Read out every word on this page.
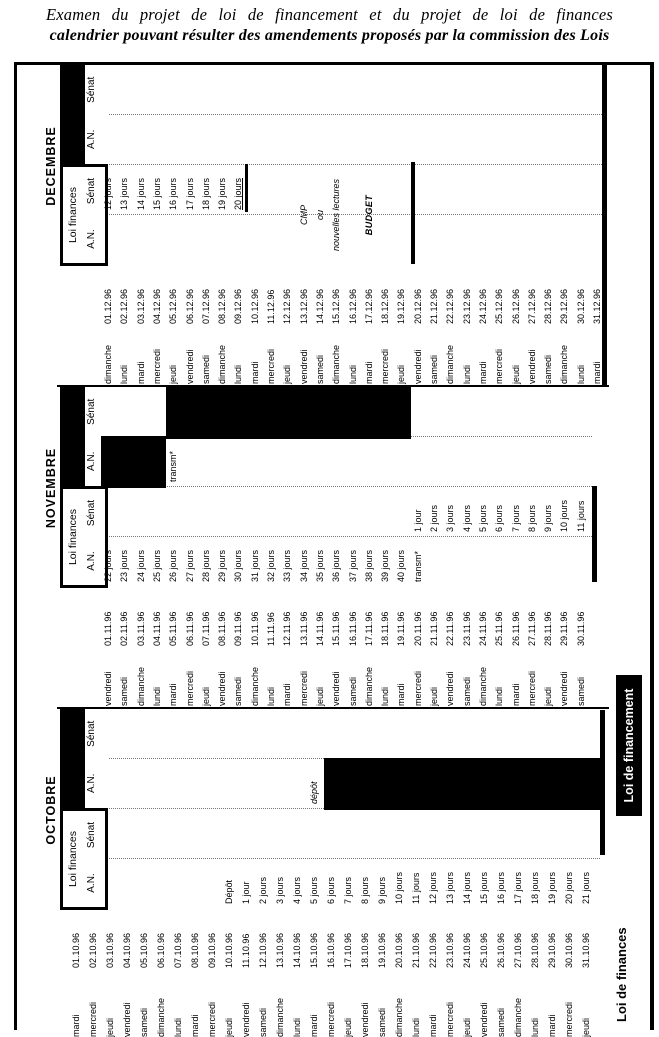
Examen du projet de loi de financement et du projet de loi de finances
calendrier pouvant résulter des amendements proposés par la commission des Lois
OCTOBRE
Loi finances A.N.
Sénat
A.N.
Sénat
mardi
01.10.96
mercredi
02.10.96
jeudi
03.10.96
vendredi
04.10.96
samedi
05.10.96
dimanche
06.10.96
lundi
07.10.96
mardi
08.10.96
mercredi
09.10.96
jeudi
10.10.96
Dépôt
vendredi
11.10.96
1 jour
samedi
12.10.96
2 jours
dimanche
13.10.96
3 jours
lundi
14.10.96
4 jours
mardi
15.10.96
5 jours
dépôt
mercredi
16.10.96
6 jours
jeudi
17.10.96
7 jours
vendredi
18.10.96
8 jours
samedi
19.10.96
9 jours
dimanche
20.10.96
10 jours
lundi
21.10.96
11 jours
mardi
22.10.96
12 jours
mercredi
23.10.96
13 jours
jeudi
24.10.96
14 jours
vendredi
25.10.96
15 jours
samedi
26.10.96
16 jours
dimanche
27.10.96
17 jours
lundi
28.10.96
18 jours
mardi
29.10.96
19 jours
mercredi
30.10.96
20 jours
jeudi
31.10.96
21 jours
NOVEMBRE
Loi finances A.N.
Sénat
A.N.
Sénat
vendredi
01.11.96
22 jours
samedi
02.11.96
23 jours
dimanche
03.11.96
24 jours
lundi
04.11.96
25 jours
mardi
05.11.96
26 jours
transm*
mercredi
06.11.96
27 jours
jeudi
07.11.96
28 jours
vendredi
08.11.96
29 jours
samedi
09.11.96
30 jours
dimanche
10.11.96
31 jours
lundi
11.11.96
32 jours
mardi
12.11.96
33 jours
mercredi
13.11.96
34 jours
jeudi
14.11.96
35 jours
vendredi
15.11.96
36 jours
samedi
16.11.96
37 jours
dimanche
17.11.96
38 jours
lundi
18.11.96
39 jours
mardi
19.11.96
40 jours
mercredi
20.11.96
transm*
1 jour
jeudi
21.11.96
2 jours
vendredi
22.11.96
3 jours
samedi
23.11.96
4 jours
dimanche
24.11.96
5 jours
lundi
25.11.96
6 jours
mardi
26.11.96
7 jours
mercredi
27.11.96
8 jours
jeudi
28.11.96
9 jours
vendredi
29.11.96
10 jours
samedi
30.11.96
11 jours
DECEMBRE
Loi finances A.N.
Sénat
A.N.
Sénat
dimanche
01.12.96
12 jours
lundi
02.12.96
13 jours
mardi
03.12.96
14 jours
mercredi
04.12.96
15 jours
jeudi
05.12.96
16 jours
vendredi
06.12.96
17 jours
samedi
07.12.96
18 jours
dimanche
08.12.96
19 jours
lundi
09.12.96
20 jours
mardi
10.12.96
mercredi
11.12.96
jeudi
12.12.96
vendredi
13.12.96
samedi
14.12.96
dimanche
15.12.96
lundi
16.12.96
mardi
17.12.96
mercredi
18.12.96
jeudi
19.12.96
vendredi
20.12.96
samedi
21.12.96
dimanche
22.12.96
lundi
23.12.96
mardi
24.12.96
mercredi
25.12.96
jeudi
26.12.96
vendredi
27.12.96
samedi
28.12.96
dimanche
29.12.96
lundi
30.12.96
mardi
31.12.96
CMP ou nouvelles lectures	BUDGET
Loi de finances
Loi de financement
